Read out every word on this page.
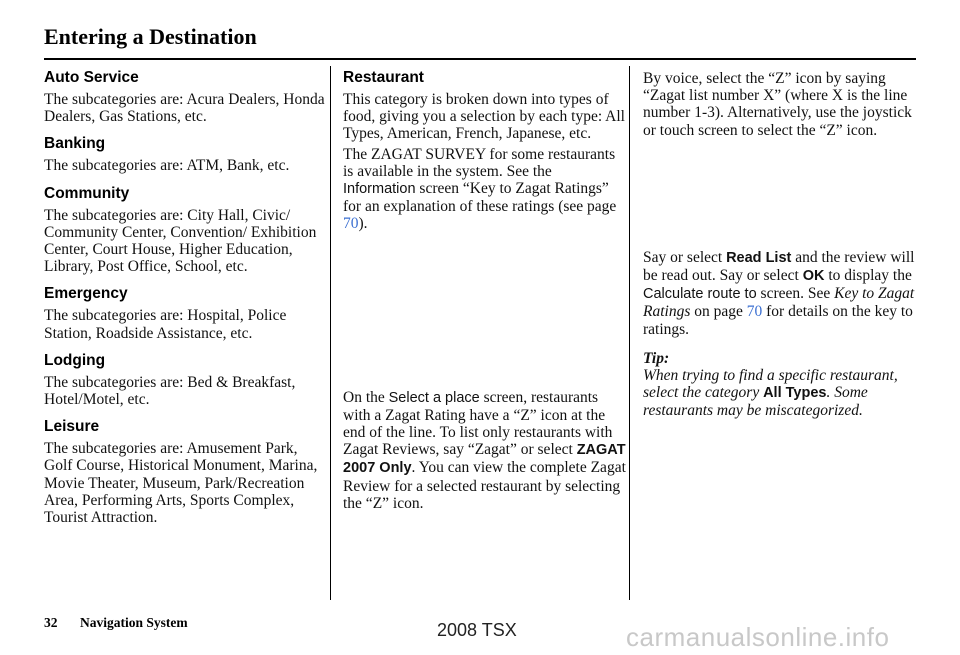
Entering a Destination
Auto Service

The subcategories are: Acura Dealers, Honda Dealers, Gas Stations, etc.

Banking

The subcategories are: ATM, Bank, etc.

Community

The subcategories are: City Hall, Civic/ Community Center, Convention/ Exhibition Center, Court House, Higher Education, Library, Post Office, School, etc.

Emergency

The subcategories are: Hospital, Police Station, Roadside Assistance, etc.

Lodging

The subcategories are: Bed & Breakfast, Hotel/Motel, etc.

Leisure

The subcategories are: Amusement Park, Golf Course, Historical Monument, Marina, Movie Theater, Museum, Park/Recreation Area, Performing Arts, Sports Complex, Tourist Attraction.

Restaurant

This category is broken down into types of food, giving you a selection by each type: All Types, American, French, Japanese, etc.

The ZAGAT SURVEY for some restaurants is available in the system. See the Information screen “Key to Zagat Ratings” for an explanation of these ratings (see page 70).

On the Select a place screen, restaurants with a Zagat Rating have a “Z” icon at the end of the line. To list only restaurants with Zagat Reviews, say “Zagat” or select ZAGAT 2007 Only. You can view the complete Zagat Review for a selected restaurant by selecting the “Z” icon.

By voice, select the “Z” icon by saying “Zagat list number X” (where X is the line number 1-3). Alternatively, use the joystick or touch screen to select the “Z” icon.

Say or select Read List and the review will be read out. Say or select OK to display the Calculate route to screen. See Key to Zagat Ratings on page 70 for details on the key to ratings.

Tip:
When trying to find a specific restaurant, select the category All Types. Some restaurants may be miscategorized.

32 Navigation System	2008 TSX	carmanualsonline.info
